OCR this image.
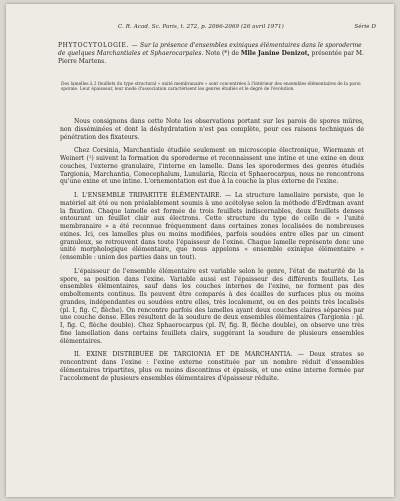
C. R. Acad. Sc. Paris, t. 272, p. 2066-2069 (26 avril 1971)	Série D
PHYTOCYTOLOGIE. — Sur la présence d'ensembles exiniques élémentaires dans le sporoderme de quelques Marchantiales et Sphaerocarpales. Note (*) de Mlle Janine Denizot, présentée par M. Pierre Martens.
Des lamelles à 2 feuillets du type structural « unité membranaire » sont concentrées à l'intérieur des ensembles élémentaires de la paroi sporale. Leur épaisseur, leur mode d'association caractérisent les genres étudiés et le degré de l'évolution.

Nous consignons dans cette Note les observations portant sur les parois de spores mûres, non disséminées et dont la déshydratation n'est pas complète, pour ces raisons techniques de pénétration des fixateurs.

Chez Corsinia, Marchantiale étudiée seulement en microscopie électronique, Wiermann et Weinert (¹) suivent la formation du sporoderme et reconnaissent une intine et une exine en deux couches, l'externe granulaire, l'interne en lamelle. Dans les sporodermes des genres étudiés Targionia, Marchantia, Conocephalum, Lunularia, Riccia et Sphaerocarpus, nous ne rencontrons qu'une exine et une intine. L'ornementation est due à la couche la plus externe de l'exine.

I. L'ENSEMBLE TRIPARTITE ÉLÉMENTAIRE. — La structure lamellaire persiste, que le matériel ait été ou non préalablement soumis à une acétolyse selon la méthode d'Erdtman avant la fixation. Chaque lamelle est formée de trois feuillets indiscernables, deux feuillets denses entourant un feuillet clair aux électrons. Cette structure du type de celle de « l'unité membranaire » a été reconnue fréquemment dans certaines zones localisées de nombreuses exines. Ici, ces lamelles plus ou moins modifiées, parfois soudées entre elles par un ciment granuleux, se retrouvent dans toute l'épaisseur de l'exine. Chaque lamelle représente donc une unité morphologique élémentaire, que nous appelons « ensemble exinique élémentaire » (ensemble : union des parties dans un tout).

L'épaisseur de l'ensemble élémentaire est variable selon le genre, l'état de maturité de la spore, sa position dans l'exine. Variable aussi est l'épaisseur des différents feuillets. Les ensembles élémentaires, sauf dans les couches internes de l'exine, ne forment pas des emboîtements continus. Ils peuvent être comparés à des écailles de surfaces plus ou moins grandes, indépendantes ou soudées entre elles, très localement, ou en des points très localisés (pl. I, fig. C, flèche). On rencontre parfois des lamelles ayant deux couches claires séparées par une couche dense. Elles résultent de la soudure de deux ensembles élémentaires (Targionia : pl. I, fig. C, flèche double). Chez Sphaerocarpus (pl. IV, fig. B, flèche double), on observe une très fine lamellation dans certains feuillets clairs, suggérant la soudure de plusieurs ensembles élémentaires.

II. EXINE DISTRIBUÉE DE TARGIONIA ET DE MARCHANTIA. — Deux strates se rencontrent dans l'exine : l'exine externe constituée par un nombre réduit d'ensembles élémentaires tripartites, plus ou moins discontinus et épaissis, et une exine interne formée par l'accolement de plusieurs ensembles élémentaires d'épaisseur réduite.
